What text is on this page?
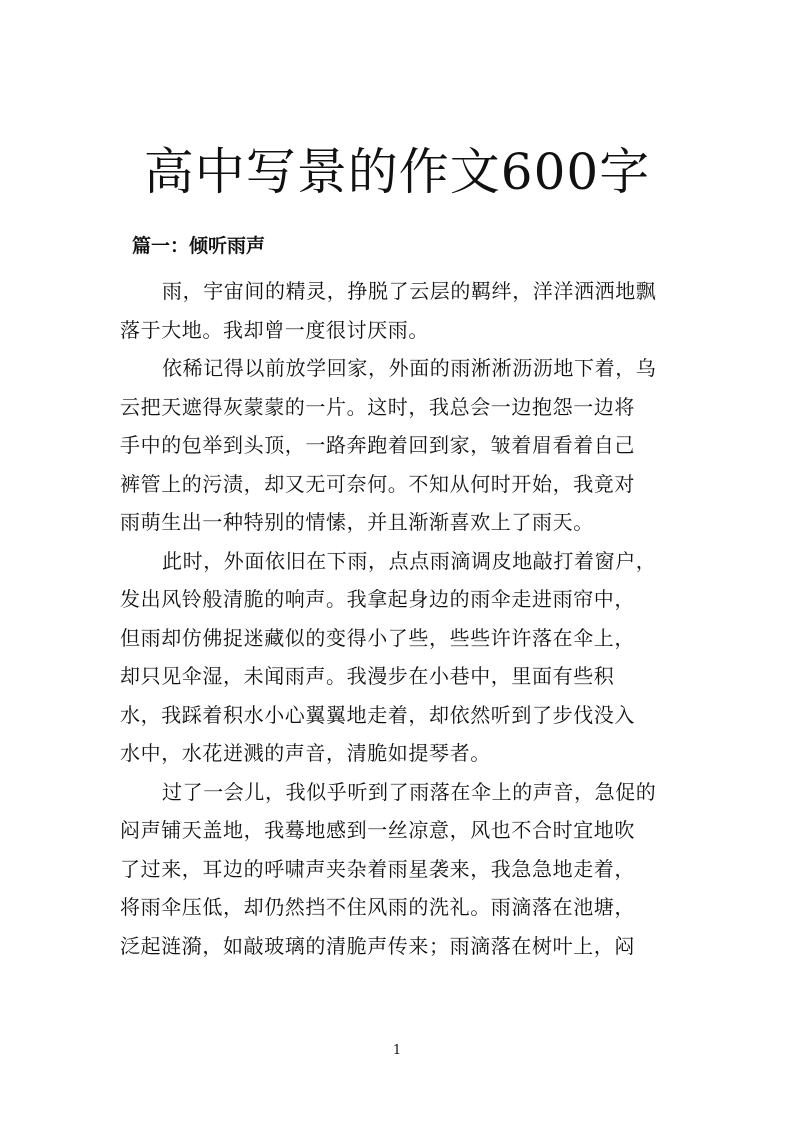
高中写景的作文600字

篇一：倾听雨声

雨，宇宙间的精灵，挣脱了云层的羁绊，洋洋洒洒地飘

落于大地。我却曾一度很讨厌雨。

依稀记得以前放学回家，外面的雨淅淅沥沥地下着，乌

云把天遮得灰蒙蒙的一片。这时，我总会一边抱怨一边将

手中的包举到头顶，一路奔跑着回到家，皱着眉看着自己

裤管上的污渍，却又无可奈何。不知从何时开始，我竟对

雨萌生出一种特别的情愫，并且渐渐喜欢上了雨天。

此时，外面依旧在下雨，点点雨滴调皮地敲打着窗户，

发出风铃般清脆的响声。我拿起身边的雨伞走进雨帘中，

但雨却仿佛捉迷藏似的变得小了些，些些许许落在伞上，

却只见伞湿，未闻雨声。我漫步在小巷中，里面有些积

水，我踩着积水小心翼翼地走着，却依然听到了步伐没入

水中，水花迸溅的声音，清脆如提琴者。

过了一会儿，我似乎听到了雨落在伞上的声音，急促的

闷声铺天盖地，我蓦地感到一丝凉意，风也不合时宜地吹

了过来，耳边的呼啸声夹杂着雨星袭来，我急急地走着，

将雨伞压低，却仍然挡不住风雨的洗礼。雨滴落在池塘，

泛起涟漪，如敲玻璃的清脆声传来；雨滴落在树叶上，闷

1
